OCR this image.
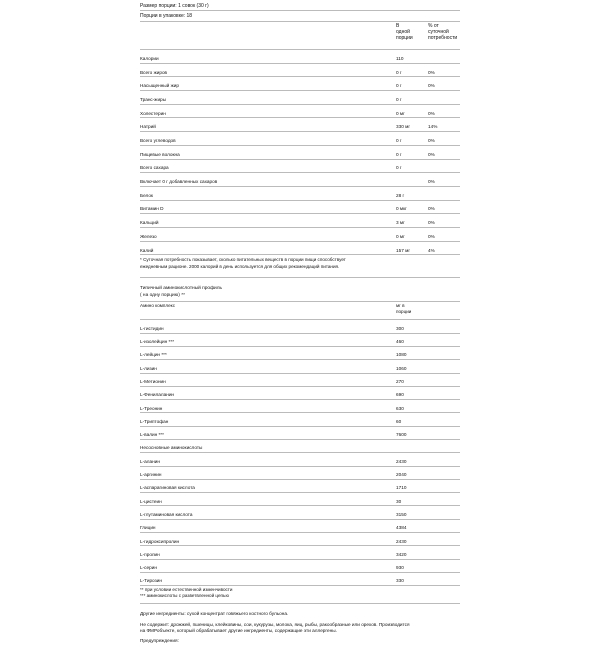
Размер порции: 1 совок (30 г)
Порции в упаковке: 18
В
одной
порции
% от
суточной
потребности
Калории	110
Всего жиров	0 г	0%
Насыщенный жир	0 г	0%
Транс-жиры	0 г
Холестерин	0 мг	0%
Натрий	330 мг	14%
Всего углеводов	0 г	0%
Пищевые волокна	0 г	0%
Всего сахара	0 г
Включает 0 г добавленных сахаров	0%
Белок	28 г
Витамин D	0 мкг	0%
Кальций	3 мг	0%
Железо	0 мг	0%
Калий	157 мг	4%

* Суточная потребность показывает, сколько питательных веществ в порции пищи способствует

ежедневным рационе. 2000 калорий в день используется для общих рекомендаций питания.

Типичный аминокислотный профиль

( на одну порцию) **

Амино комплекс	мг в
порции
L-гистидин	300
L-изолейцин ***	460
L-лейцин ***	1080
L-лизин	1060
L-Метионин	270
L-Фенилаланин	690
L-Треонин	630
L-Триптофан	60
L-валин ***	7600
Несосновные аминокислоты
L-аланин	2430
L-аргинин	2040
L-аспарагиновая кислота	1710
L-цистеин	30
L-глутаминовая кислота	3150
Глицин	4384
L-гидроксипролин	2430
L-пролин	3420
L-серин	930
L-Тирозин	330

** при условии естественной изменчивости

*** аминокислоты с разветвленной цепью

Другие ингредиенты: сухой концентрат говяжьего костного бульона.

Не содержит: дрожжей, пшеницы, клейковины, сои, кукурузы, молока, яиц, рыбы, ракообразные или орехов. Производится
на ФМРобъекте, который обрабатывает другие ингредиенты, содержащие эти аллергены.

Предупреждения:
